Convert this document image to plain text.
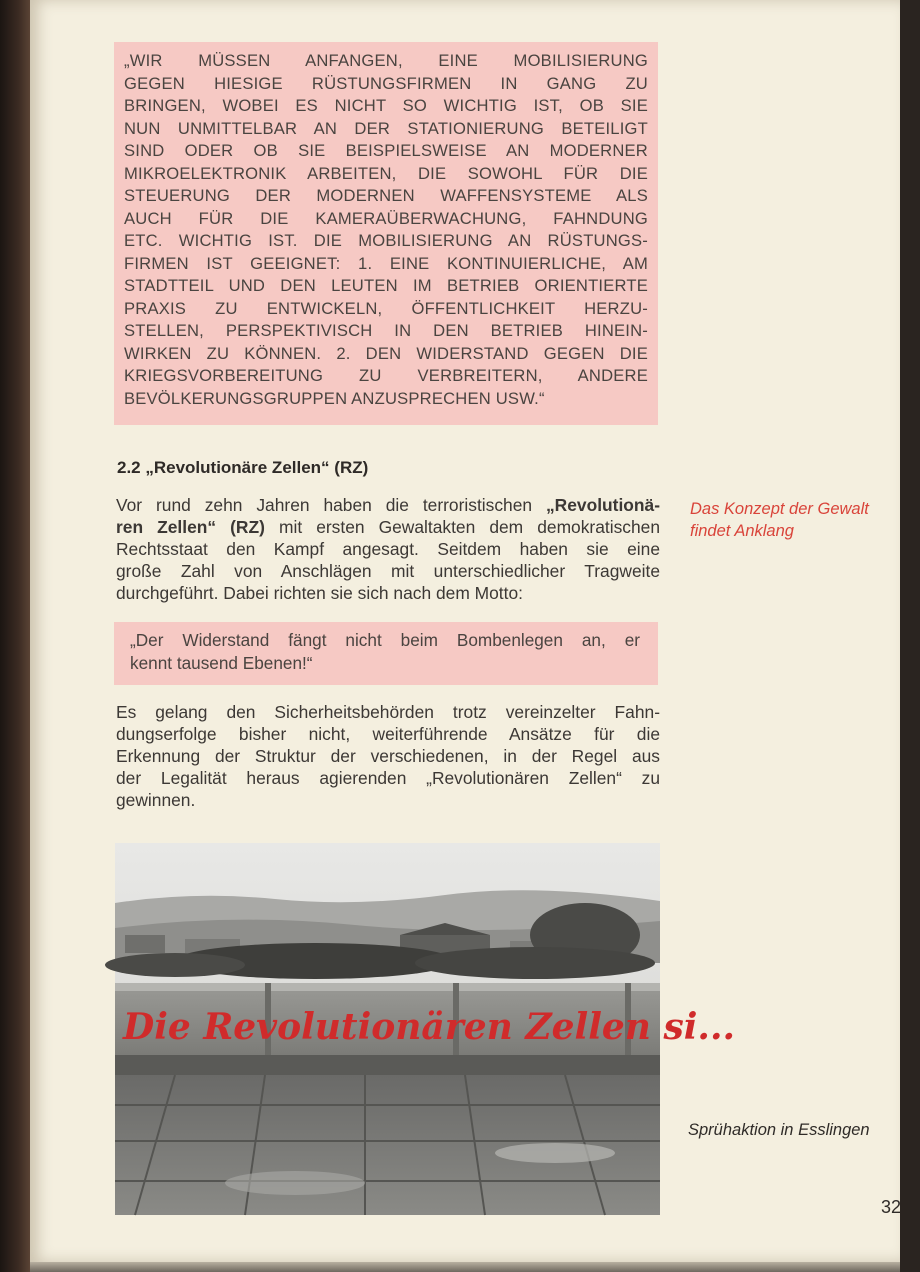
„WIR MÜSSEN ANFANGEN, EINE MOBILISIERUNG
GEGEN HIESIGE RÜSTUNGSFIRMEN IN GANG ZU
BRINGEN, WOBEI ES NICHT SO WICHTIG IST, OB SIE
NUN UNMITTELBAR AN DER STATIONIERUNG BETEILIGT
SIND ODER OB SIE BEISPIELSWEISE AN MODERNER
MIKROELEKTRONIK ARBEITEN, DIE SOWOHL FÜR DIE
STEUERUNG DER MODERNEN WAFFENSYSTEME ALS
AUCH FÜR DIE KAMERAÜBERWACHUNG, FAHNDUNG
ETC. WICHTIG IST. DIE MOBILISIERUNG AN RÜSTUNGS-
FIRMEN IST GEEIGNET: 1. EINE KONTINUIERLICHE, AM
STADTTEIL UND DEN LEUTEN IM BETRIEB ORIENTIERTE
PRAXIS ZU ENTWICKELN, ÖFFENTLICHKEIT HERZU-
STELLEN, PERSPEKTIVISCH IN DEN BETRIEB HINEIN-
WIRKEN ZU KÖNNEN. 2. DEN WIDERSTAND GEGEN DIE
KRIEGSVORBEREITUNG ZU VERBREITERN, ANDERE
BEVÖLKERUNGSGRUPPEN ANZUSPRECHEN USW.“
2.2 „Revolutionäre Zellen“ (RZ)
Vor rund zehn Jahren haben die terroristischen „Revolutionä-
ren Zellen“ (RZ) mit ersten Gewaltakten dem demokratischen
Rechtsstaat den Kampf angesagt. Seitdem haben sie eine
große Zahl von Anschlägen mit unterschiedlicher Tragweite
durchgeführt. Dabei richten sie sich nach dem Motto:
„Der Widerstand fängt nicht beim Bombenlegen an, er
kennt tausend Ebenen!“
Es gelang den Sicherheitsbehörden trotz vereinzelter Fahn-
dungserfolge bisher nicht, weiterführende Ansätze für die
Erkennung der Struktur der verschiedenen, in der Regel aus
der Legalität heraus agierenden „Revolutionären Zellen“ zu
gewinnen.
Das Konzept der Gewalt
findet Anklang
Die Revolutionären Zellen si...
Sprühaktion in Esslingen
32
